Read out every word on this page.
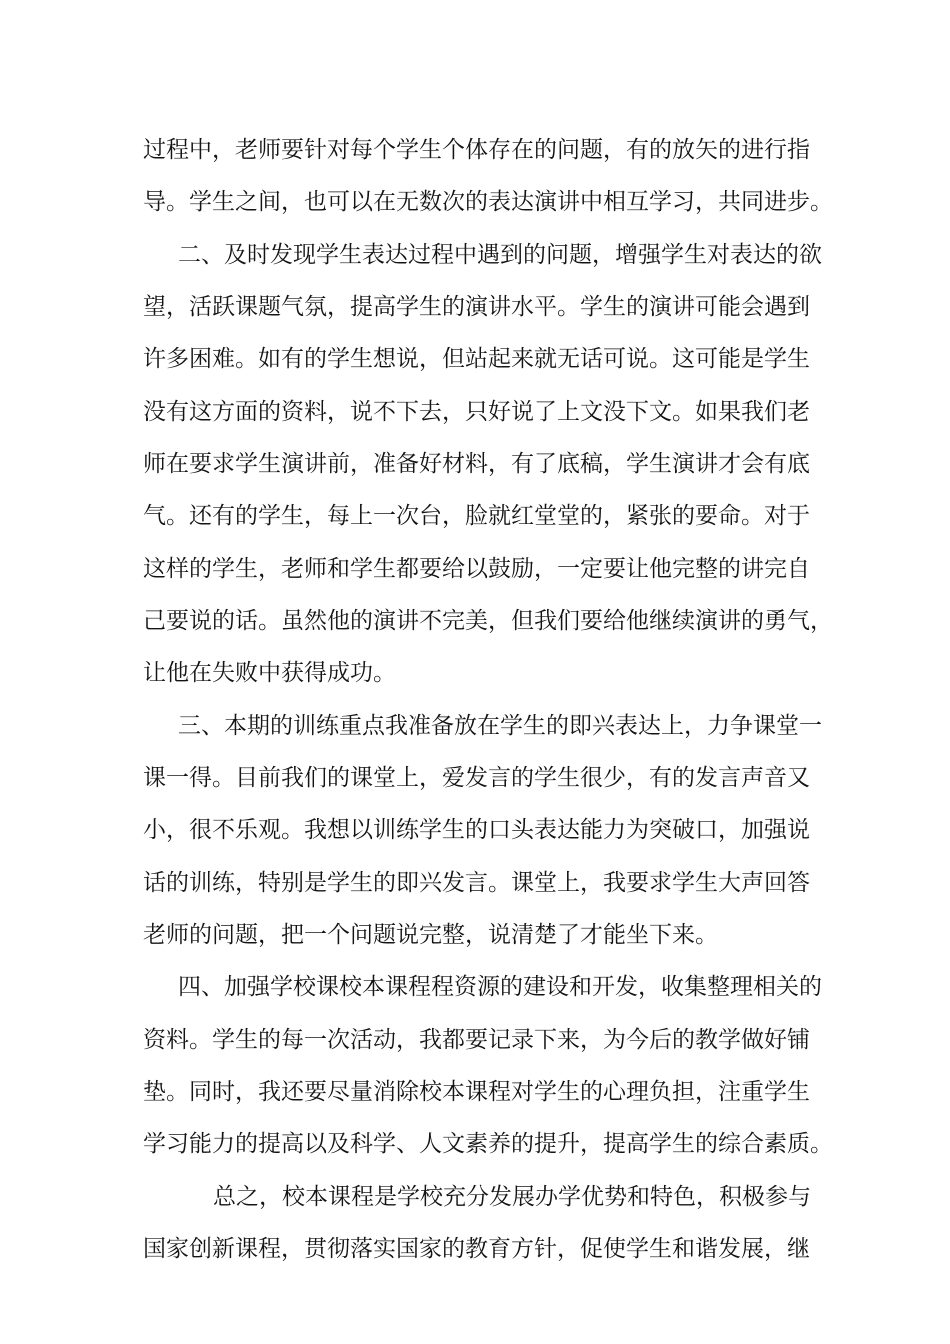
过程中，老师要针对每个学生个体存在的问题，有的放矢的进行指
导。学生之间，也可以在无数次的表达演讲中相互学习，共同进步。
二、及时发现学生表达过程中遇到的问题，增强学生对表达的欲
望，活跃课题气氛，提高学生的演讲水平。学生的演讲可能会遇到
许多困难。如有的学生想说，但站起来就无话可说。这可能是学生
没有这方面的资料，说不下去，只好说了上文没下文。如果我们老
师在要求学生演讲前，准备好材料，有了底稿，学生演讲才会有底
气。还有的学生，每上一次台，脸就红堂堂的，紧张的要命。对于
这样的学生，老师和学生都要给以鼓励，一定要让他完整的讲完自
己要说的话。虽然他的演讲不完美，但我们要给他继续演讲的勇气，
让他在失败中获得成功。
三、本期的训练重点我准备放在学生的即兴表达上，力争课堂一
课一得。目前我们的课堂上，爱发言的学生很少，有的发言声音又
小，很不乐观。我想以训练学生的口头表达能力为突破口，加强说
话的训练，特别是学生的即兴发言。课堂上，我要求学生大声回答
老师的问题，把一个问题说完整，说清楚了才能坐下来。
四、加强学校课校本课程程资源的建设和开发，收集整理相关的
资料。学生的每一次活动，我都要记录下来，为今后的教学做好铺
垫。同时，我还要尽量消除校本课程对学生的心理负担，注重学生
学习能力的提高以及科学、人文素养的提升，提高学生的综合素质。
总之，校本课程是学校充分发展办学优势和特色，积极参与
国家创新课程，贯彻落实国家的教育方针，促使学生和谐发展，继
